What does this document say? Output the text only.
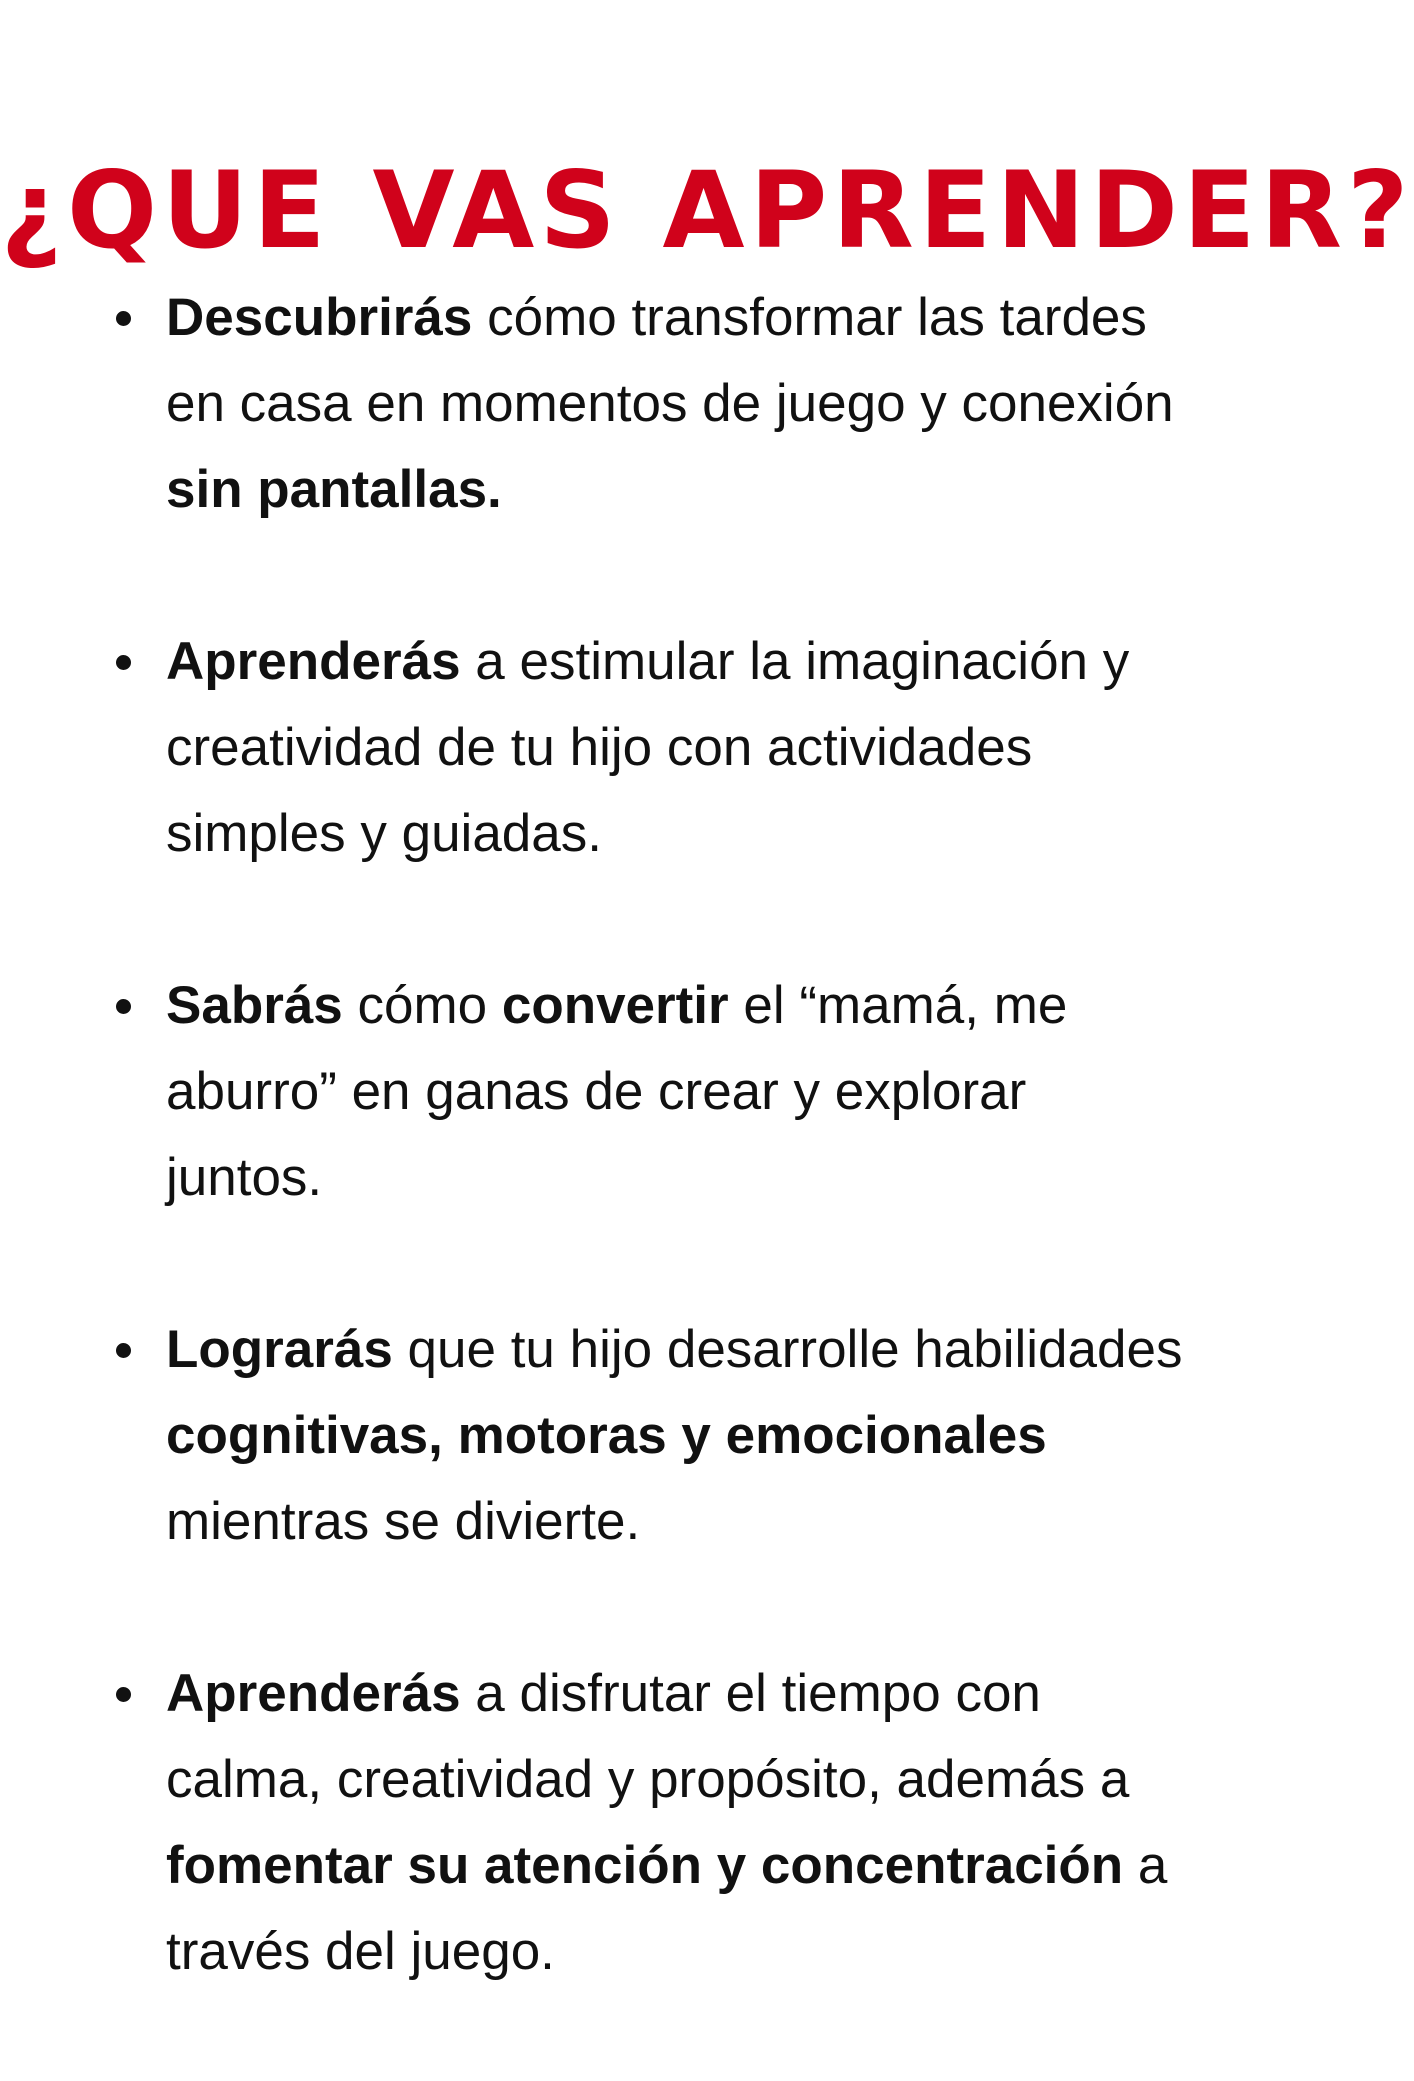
¿QUE VAS APRENDER?
Descubrirás cómo transformar las tardes
en casa en momentos de juego y conexión
sin pantallas.
Aprenderás a estimular la imaginación y
creatividad de tu hijo con actividades
simples y guiadas.
Sabrás cómo convertir el “mamá, me
aburro” en ganas de crear y explorar
juntos.
Lograrás que tu hijo desarrolle habilidades
cognitivas, motoras y emocionales
mientras se divierte.
Aprenderás a disfrutar el tiempo con
calma, creatividad y propósito, además a
fomentar su atención y concentración a
través del juego.
